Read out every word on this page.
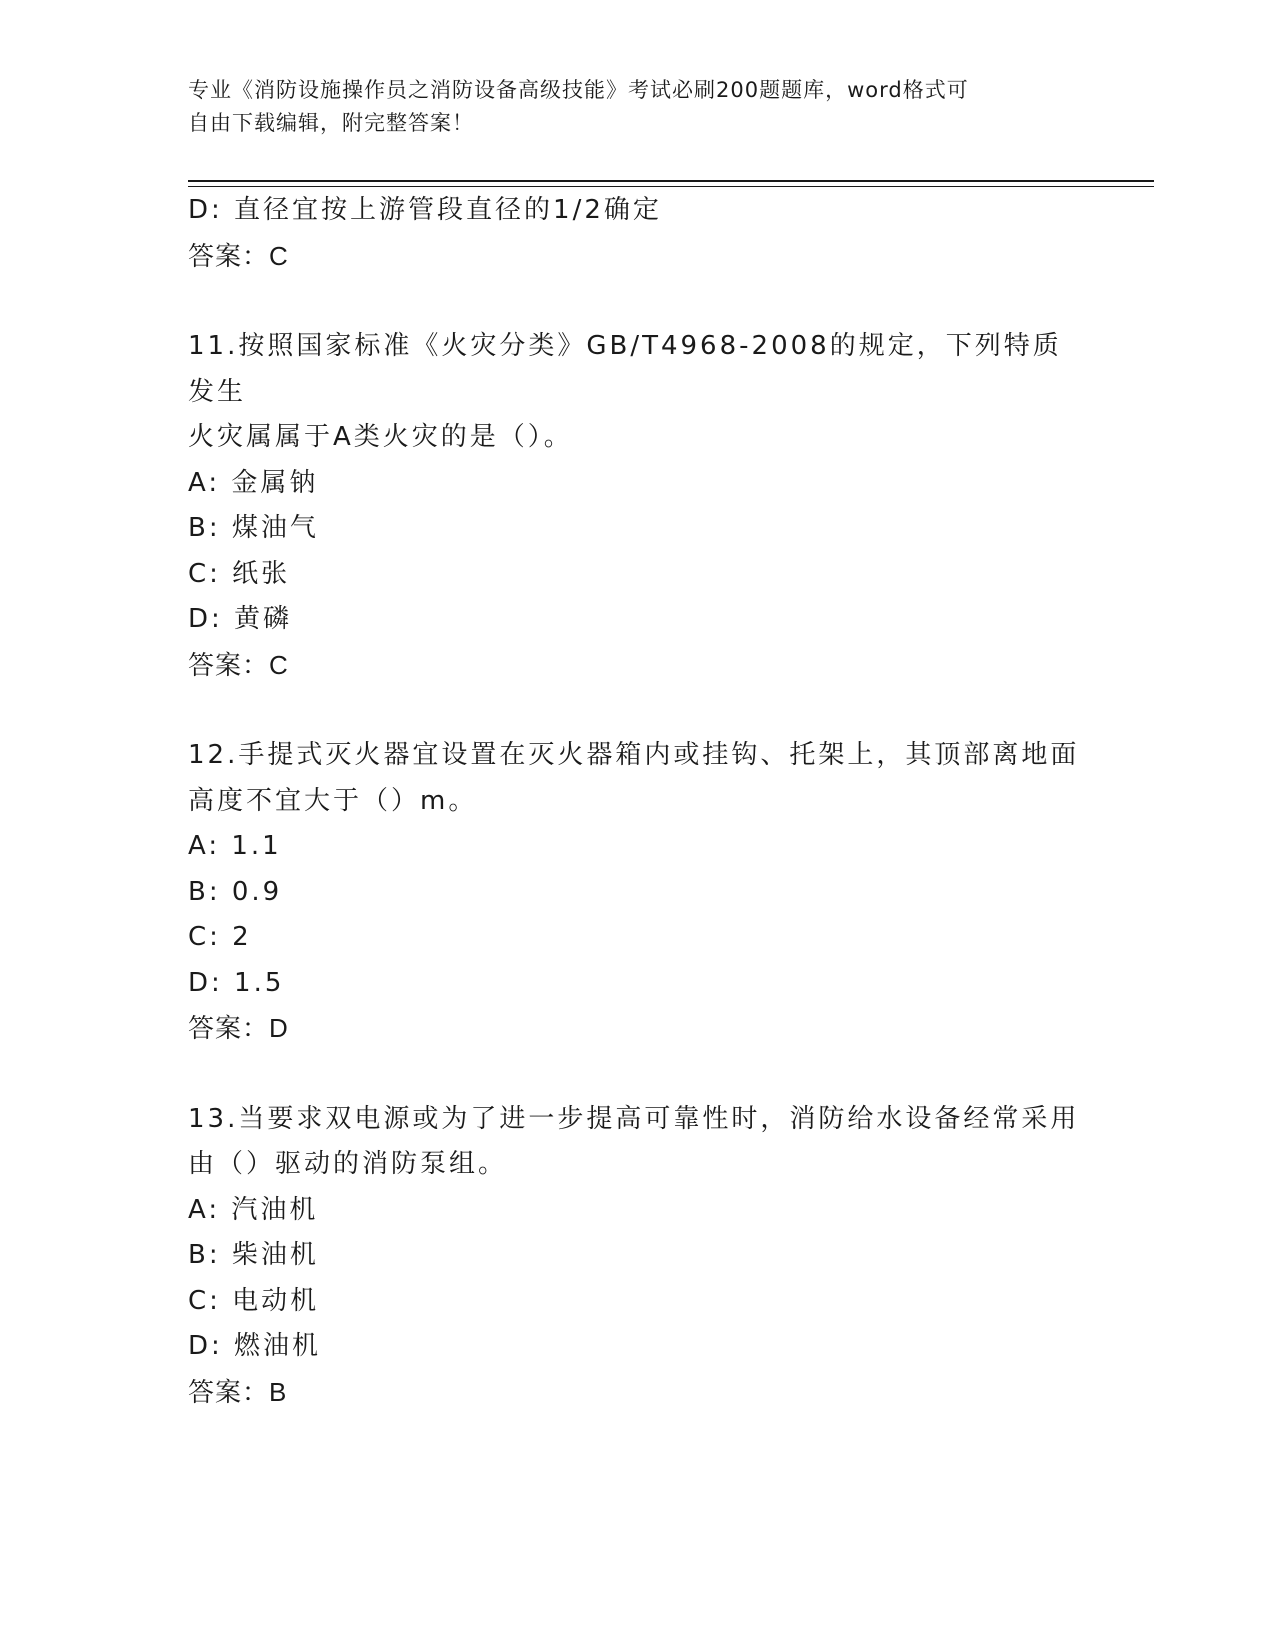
专业《消防设施操作员之消防设备高级技能》考试必刷200题题库，word格式可
自由下载编辑，附完整答案！
D: 直径宜按上游管段直径的1/2确定
答案：C
11.按照国家标准《火灾分类》GB/T4968-2008的规定，下列特质发生
火灾属属于A类火灾的是（）。
A: 金属钠
B: 煤油气
C: 纸张
D: 黄磷
答案：C
12.手提式灭火器宜设置在灭火器箱内或挂钩、托架上，其顶部离地面
高度不宜大于（）m。
A: 1.1
B: 0.9
C: 2
D: 1.5
答案：D
13.当要求双电源或为了进一步提高可靠性时，消防给水设备经常采用
由（）驱动的消防泵组。
A: 汽油机
B: 柴油机
C: 电动机
D: 燃油机
答案：B
